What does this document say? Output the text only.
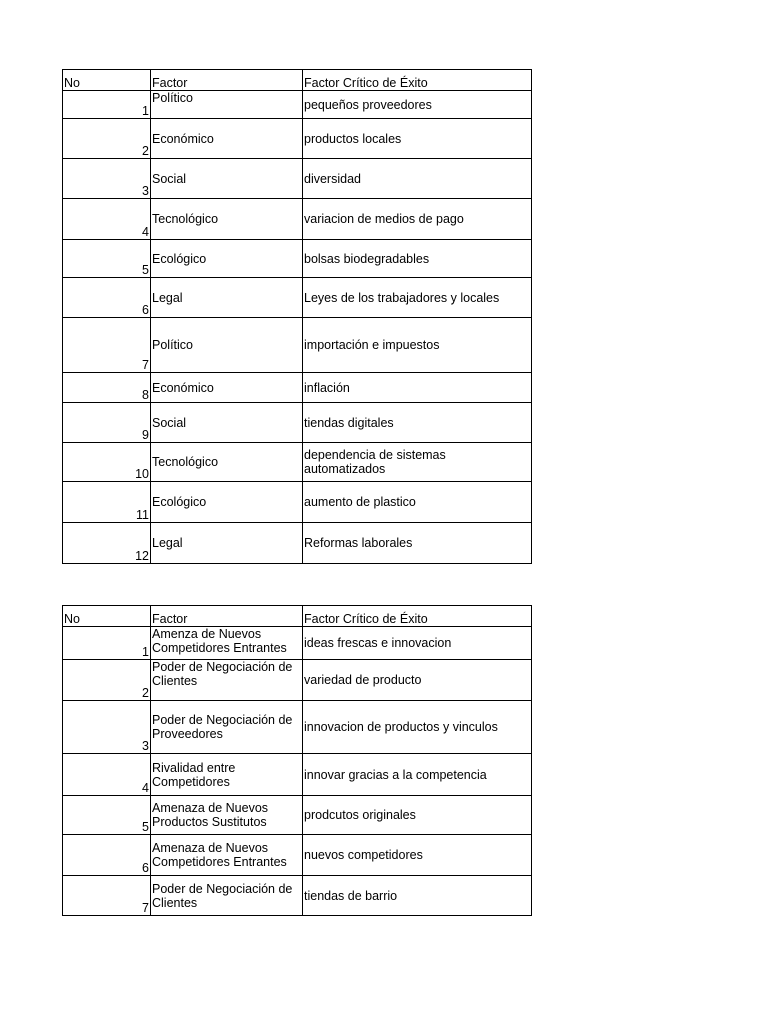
No	Factor	Factor Crítico de Éxito
1	Político	pequeños proveedores
2	Económico	productos locales
3	Social	diversidad
4	Tecnológico	variacion de medios de pago
5	Ecológico	bolsas biodegradables
6	Legal	Leyes de los trabajadores y locales
7	Político	importación e impuestos
8	Económico	inflación
9	Social	tiendas digitales
10	Tecnológico	dependencia de sistemas automatizados
11	Ecológico	aumento de plastico
12	Legal	Reformas laborales
No	Factor	Factor Crítico de Éxito
1	Amenza de Nuevos Competidores Entrantes	ideas frescas e innovacion
2	Poder de Negociación de Clientes	variedad de producto
3	Poder de Negociación de Proveedores	innovacion de productos y vinculos
4	Rivalidad entre Competidores	innovar gracias a la competencia
5	Amenaza de Nuevos Productos Sustitutos	prodcutos originales
6	Amenaza de Nuevos Competidores Entrantes	nuevos competidores
7	Poder de Negociación de Clientes	tiendas de barrio
